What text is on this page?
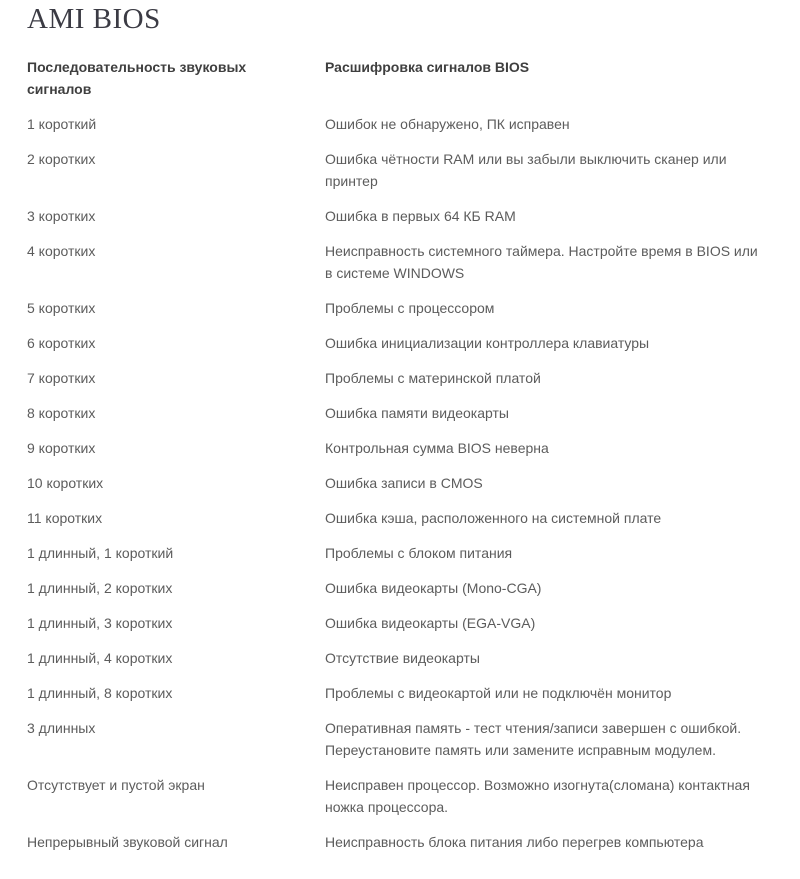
AMI BIOS
Последовательность звуковых сигналов	Расшифровка сигналов BIOS
1 короткий	Ошибок не обнаружено, ПК исправен
2 коротких	Ошибка чётности RAM или вы забыли выключить сканер или принтер
3 коротких	Ошибка в первых 64 КБ RAM
4 коротких	Неисправность системного таймера. Настройте время в BIOS или в системе WINDOWS
5 коротких	Проблемы с процессором
6 коротких	Ошибка инициализации контроллера клавиатуры
7 коротких	Проблемы с материнской платой
8 коротких	Ошибка памяти видеокарты
9 коротких	Контрольная сумма BIOS неверна
10 коротких	Ошибка записи в CMOS
11 коротких	Ошибка кэша, расположенного на системной плате
1 длинный, 1 короткий	Проблемы с блоком питания
1 длинный, 2 коротких	Ошибка видеокарты (Mono-CGA)
1 длинный, 3 коротких	Ошибка видеокарты (EGA-VGA)
1 длинный, 4 коротких	Отсутствие видеокарты
1 длинный, 8 коротких	Проблемы с видеокартой или не подключён монитор
3 длинных	Оперативная память - тест чтения/записи завершен с ошибкой. Переустановите память или замените исправным модулем.
Отсутствует и пустой экран	Неисправен процессор. Возможно изогнута(сломана) контактная ножка процессора.
Непрерывный звуковой сигнал	Неисправность блока питания либо перегрев компьютера
